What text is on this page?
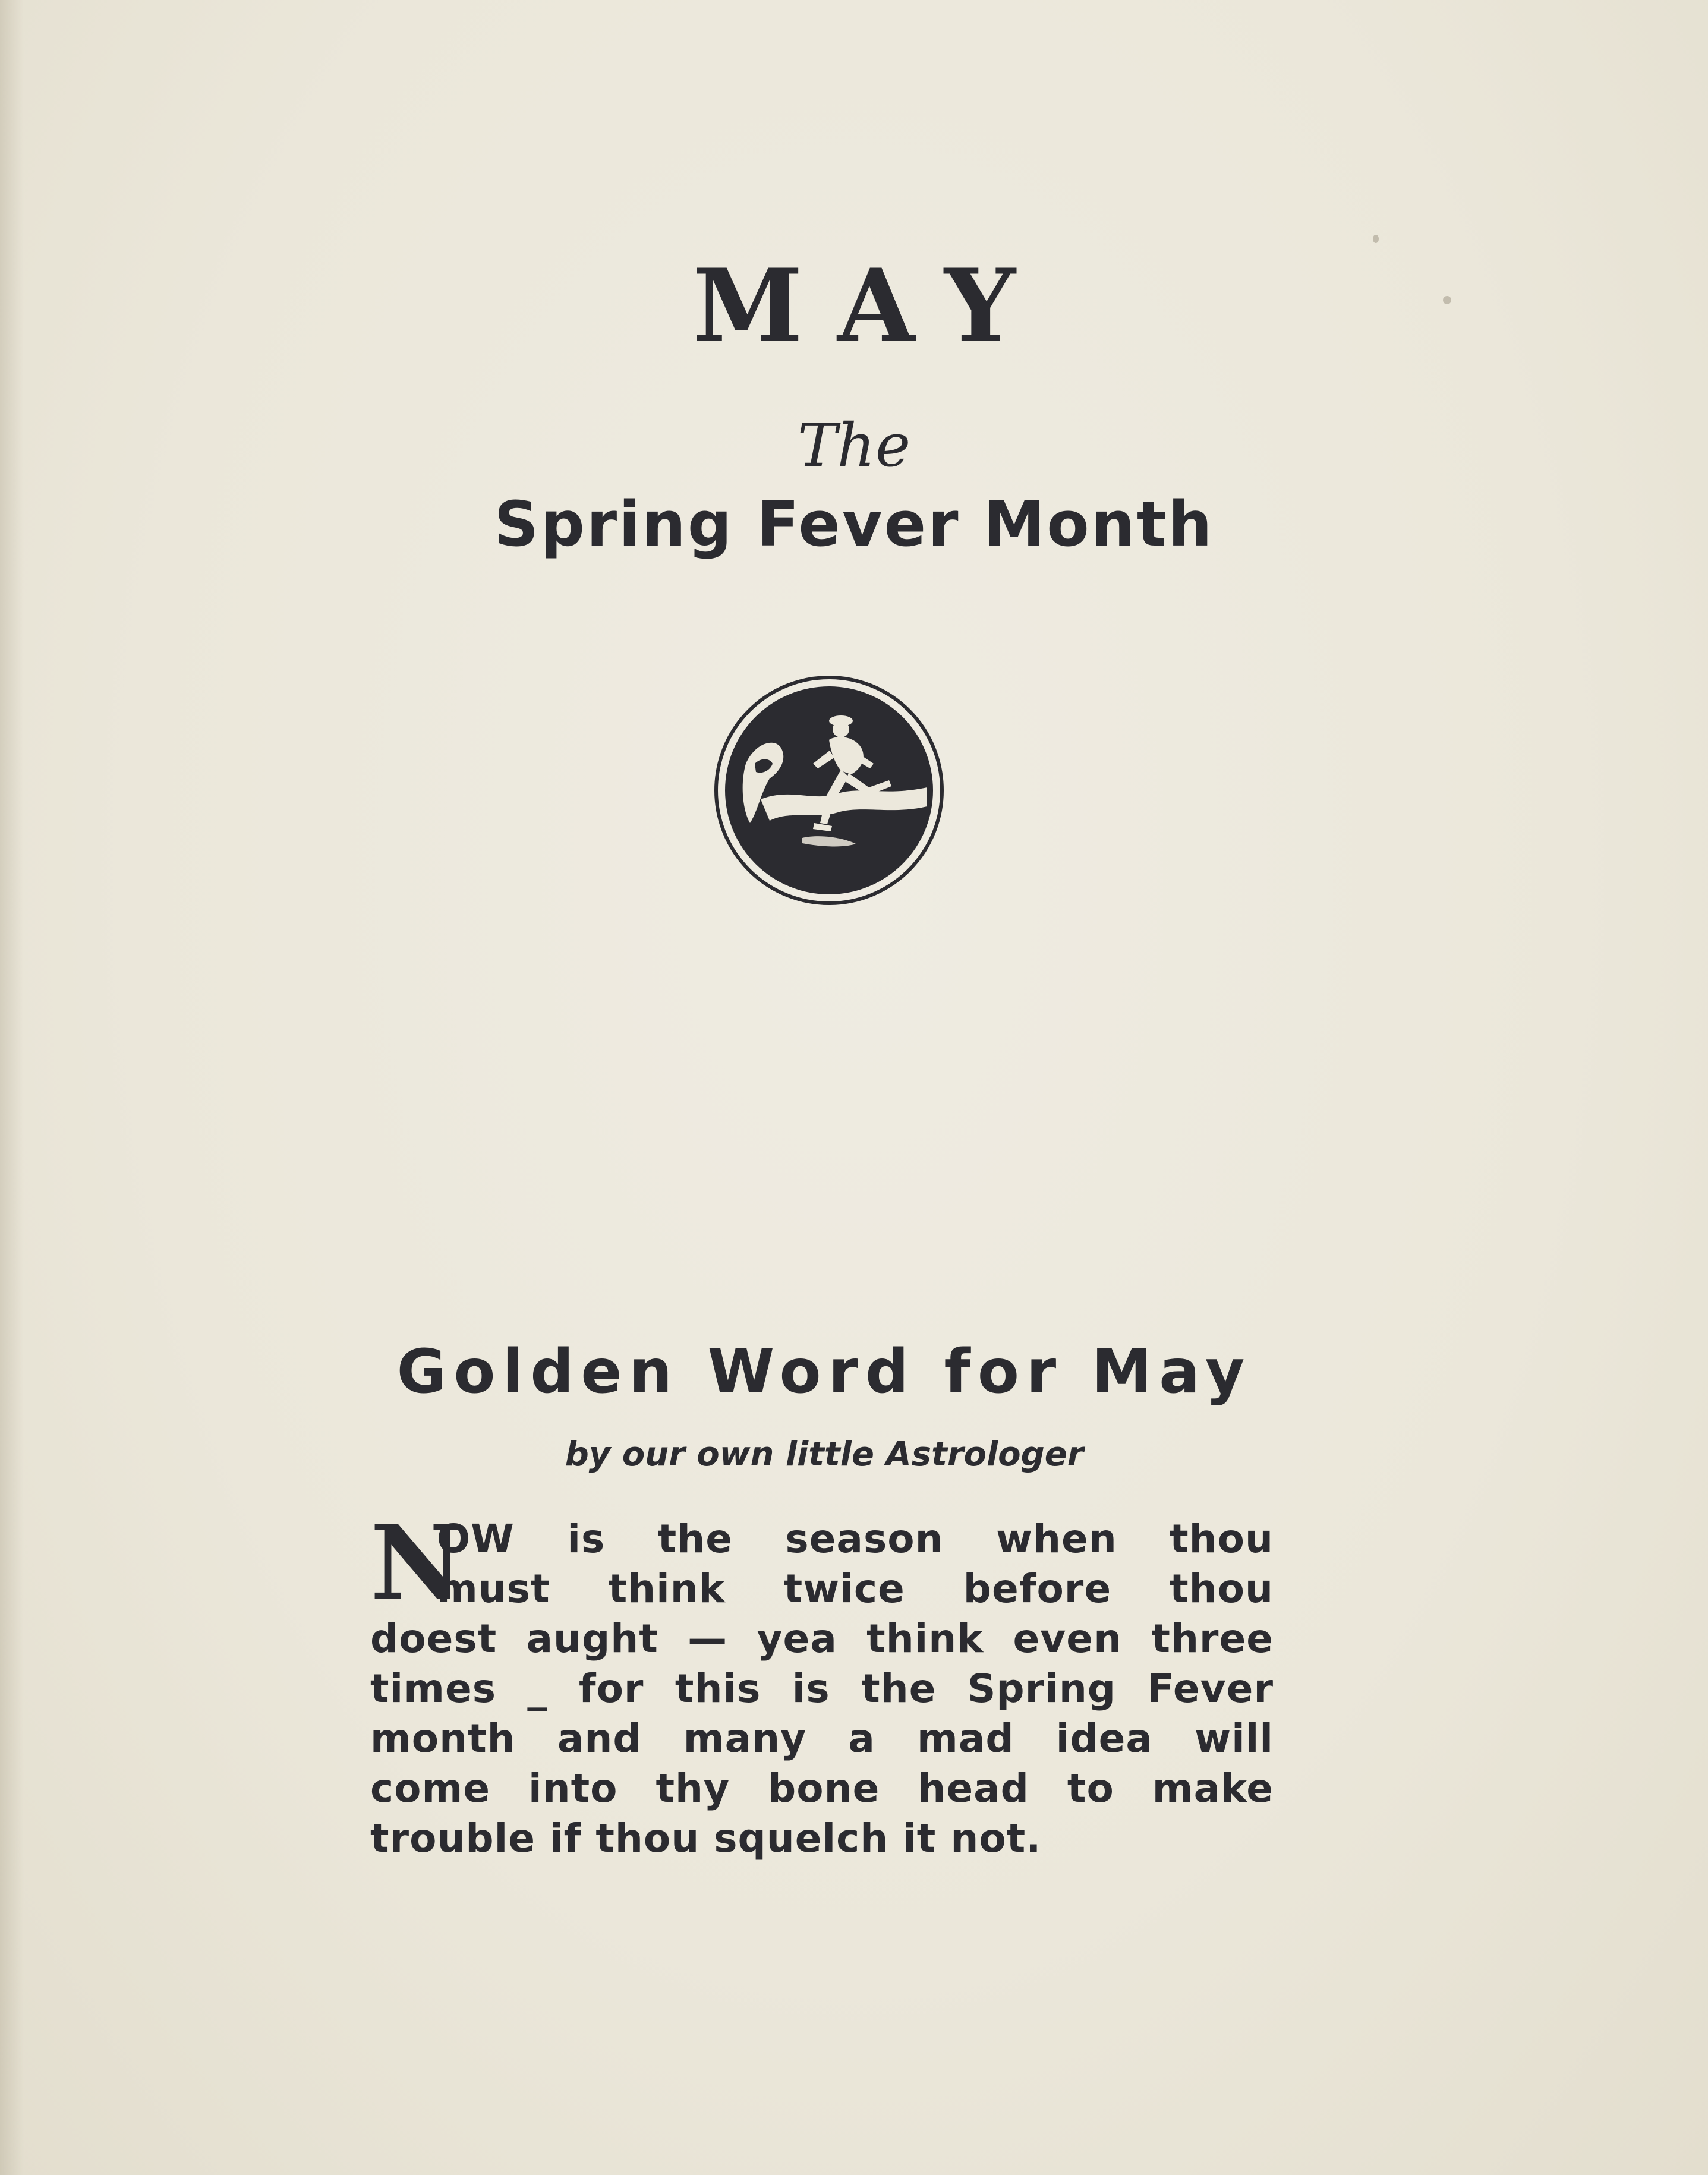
MAY
The
Spring Fever Month
Golden Word for May
by our own little Astrologer
N
OW is the season when thou
must think twice before thou
doest aught — yea think even three
times _ for this is the Spring Fever
month and many a mad idea will
come into thy bone head to make
trouble if thou squelch it not.
